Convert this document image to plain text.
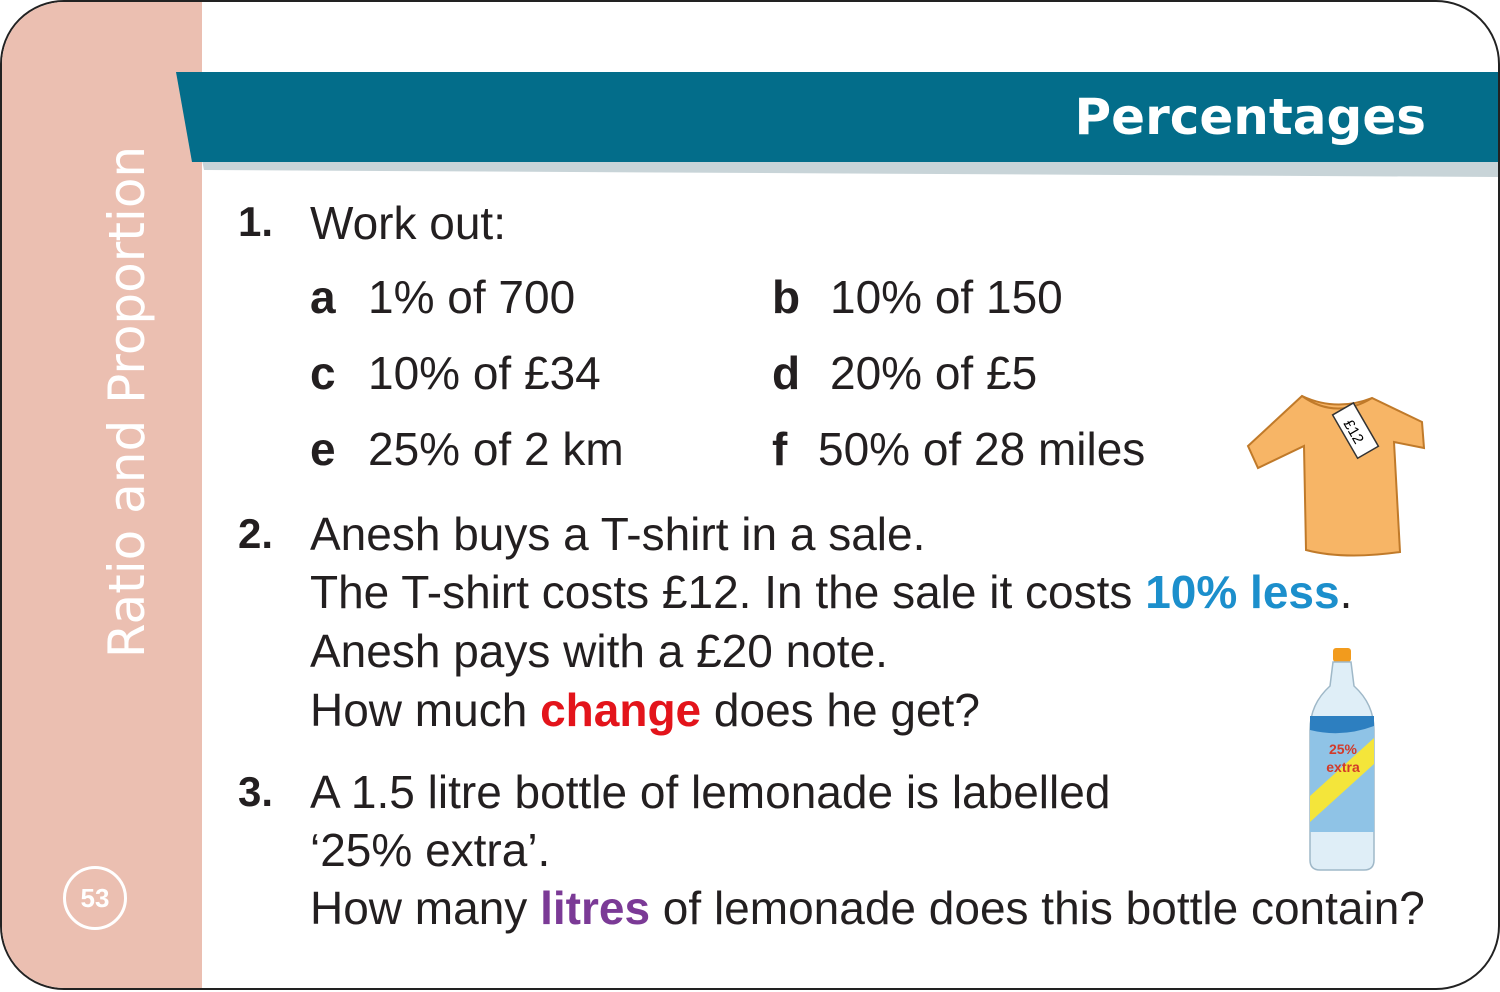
Ratio and Proportion
53
Percentages
1. Work out:
a 1% of 700	b 10% of 150
c 10% of £34	d 20% of £5
e 25% of 2 km	f 50% of 28 miles	£12
2. Anesh buys a T-shirt in a sale.
The T-shirt costs £12. In the sale it costs 10% less.
Anesh pays with a £20 note.
How much change does he get?
25%
extra
3. A 1.5 litre bottle of lemonade is labelled
‘25% extra’.
How many litres of lemonade does this bottle contain?
